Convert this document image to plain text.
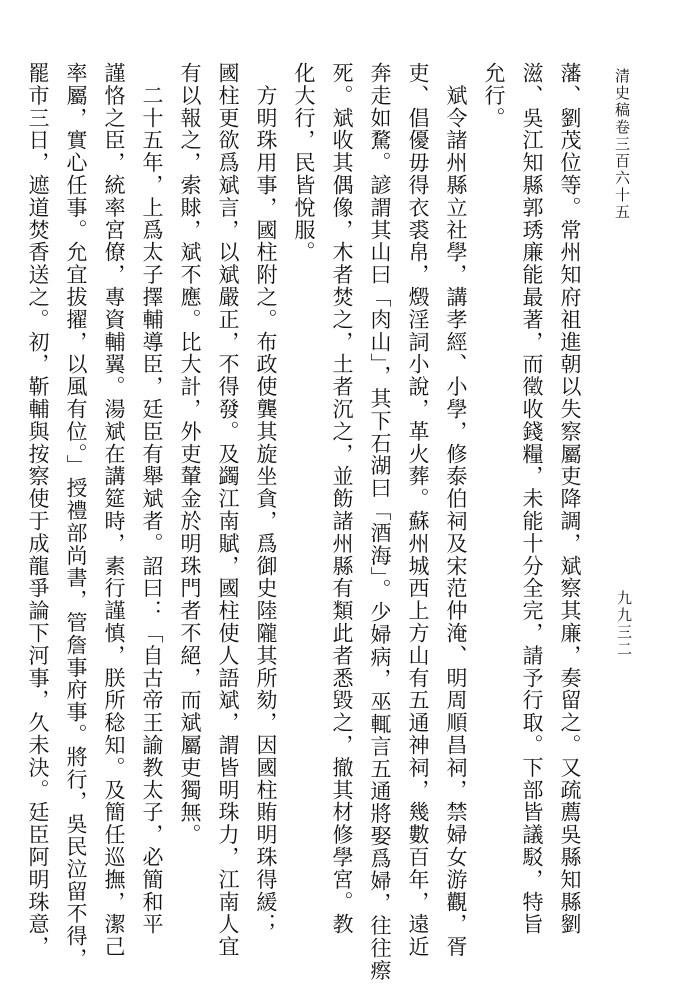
清史稿卷三百六十五
九九三二
藩、劉茂位等。常州知府祖進朝以失察屬吏降調，斌察其廉，奏留之。又疏薦吳縣知縣劉
滋、吳江知縣郭琇廉能最著，而徵收錢糧，未能十分全完，請予行取。下部皆議駁，特旨
允行。
　斌令諸州縣立社學，講孝經、小學，修泰伯祠及宋范仲淹、明周順昌祠，禁婦女游觀，胥
吏、倡優毋得衣裘帛，燬淫詞小說，革火葬。蘇州城西上方山有五通神祠，幾數百年，遠近
奔走如騖。諺謂其山曰「肉山」，其下石湖曰「酒海」。少婦病，巫輒言五通將娶爲婦，往往瘵
死。斌收其偶像，木者焚之，土者沉之，並飭諸州縣有類此者悉毀之，撤其材修學宮。教
化大行，民皆悅服。
　方明珠用事，國柱附之。布政使龔其旋坐貪，爲御史陸隴其所劾，因國柱賄明珠得緩；
國柱更欲爲斌言，以斌嚴正，不得發。及蠲江南賦，國柱使人語斌，謂皆明珠力，江南人宜
有以報之，索賕，斌不應。比大計，外吏輦金於明珠門者不絕，而斌屬吏獨無。
　二十五年，上爲太子擇輔導臣，廷臣有舉斌者。詔曰：「自古帝王諭教太子，必簡和平
謹恪之臣，統率宮僚，專資輔翼。湯斌在講筵時，素行謹慎，朕所稔知。及簡任巡撫，潔己
率屬，實心任事。允宜拔擢，以風有位。」授禮部尚書，管詹事府事。將行，吳民泣留不得，
罷市三日，遮道焚香送之。初，靳輔與按察使于成龍爭論下河事，久未決。廷臣阿明珠意，
